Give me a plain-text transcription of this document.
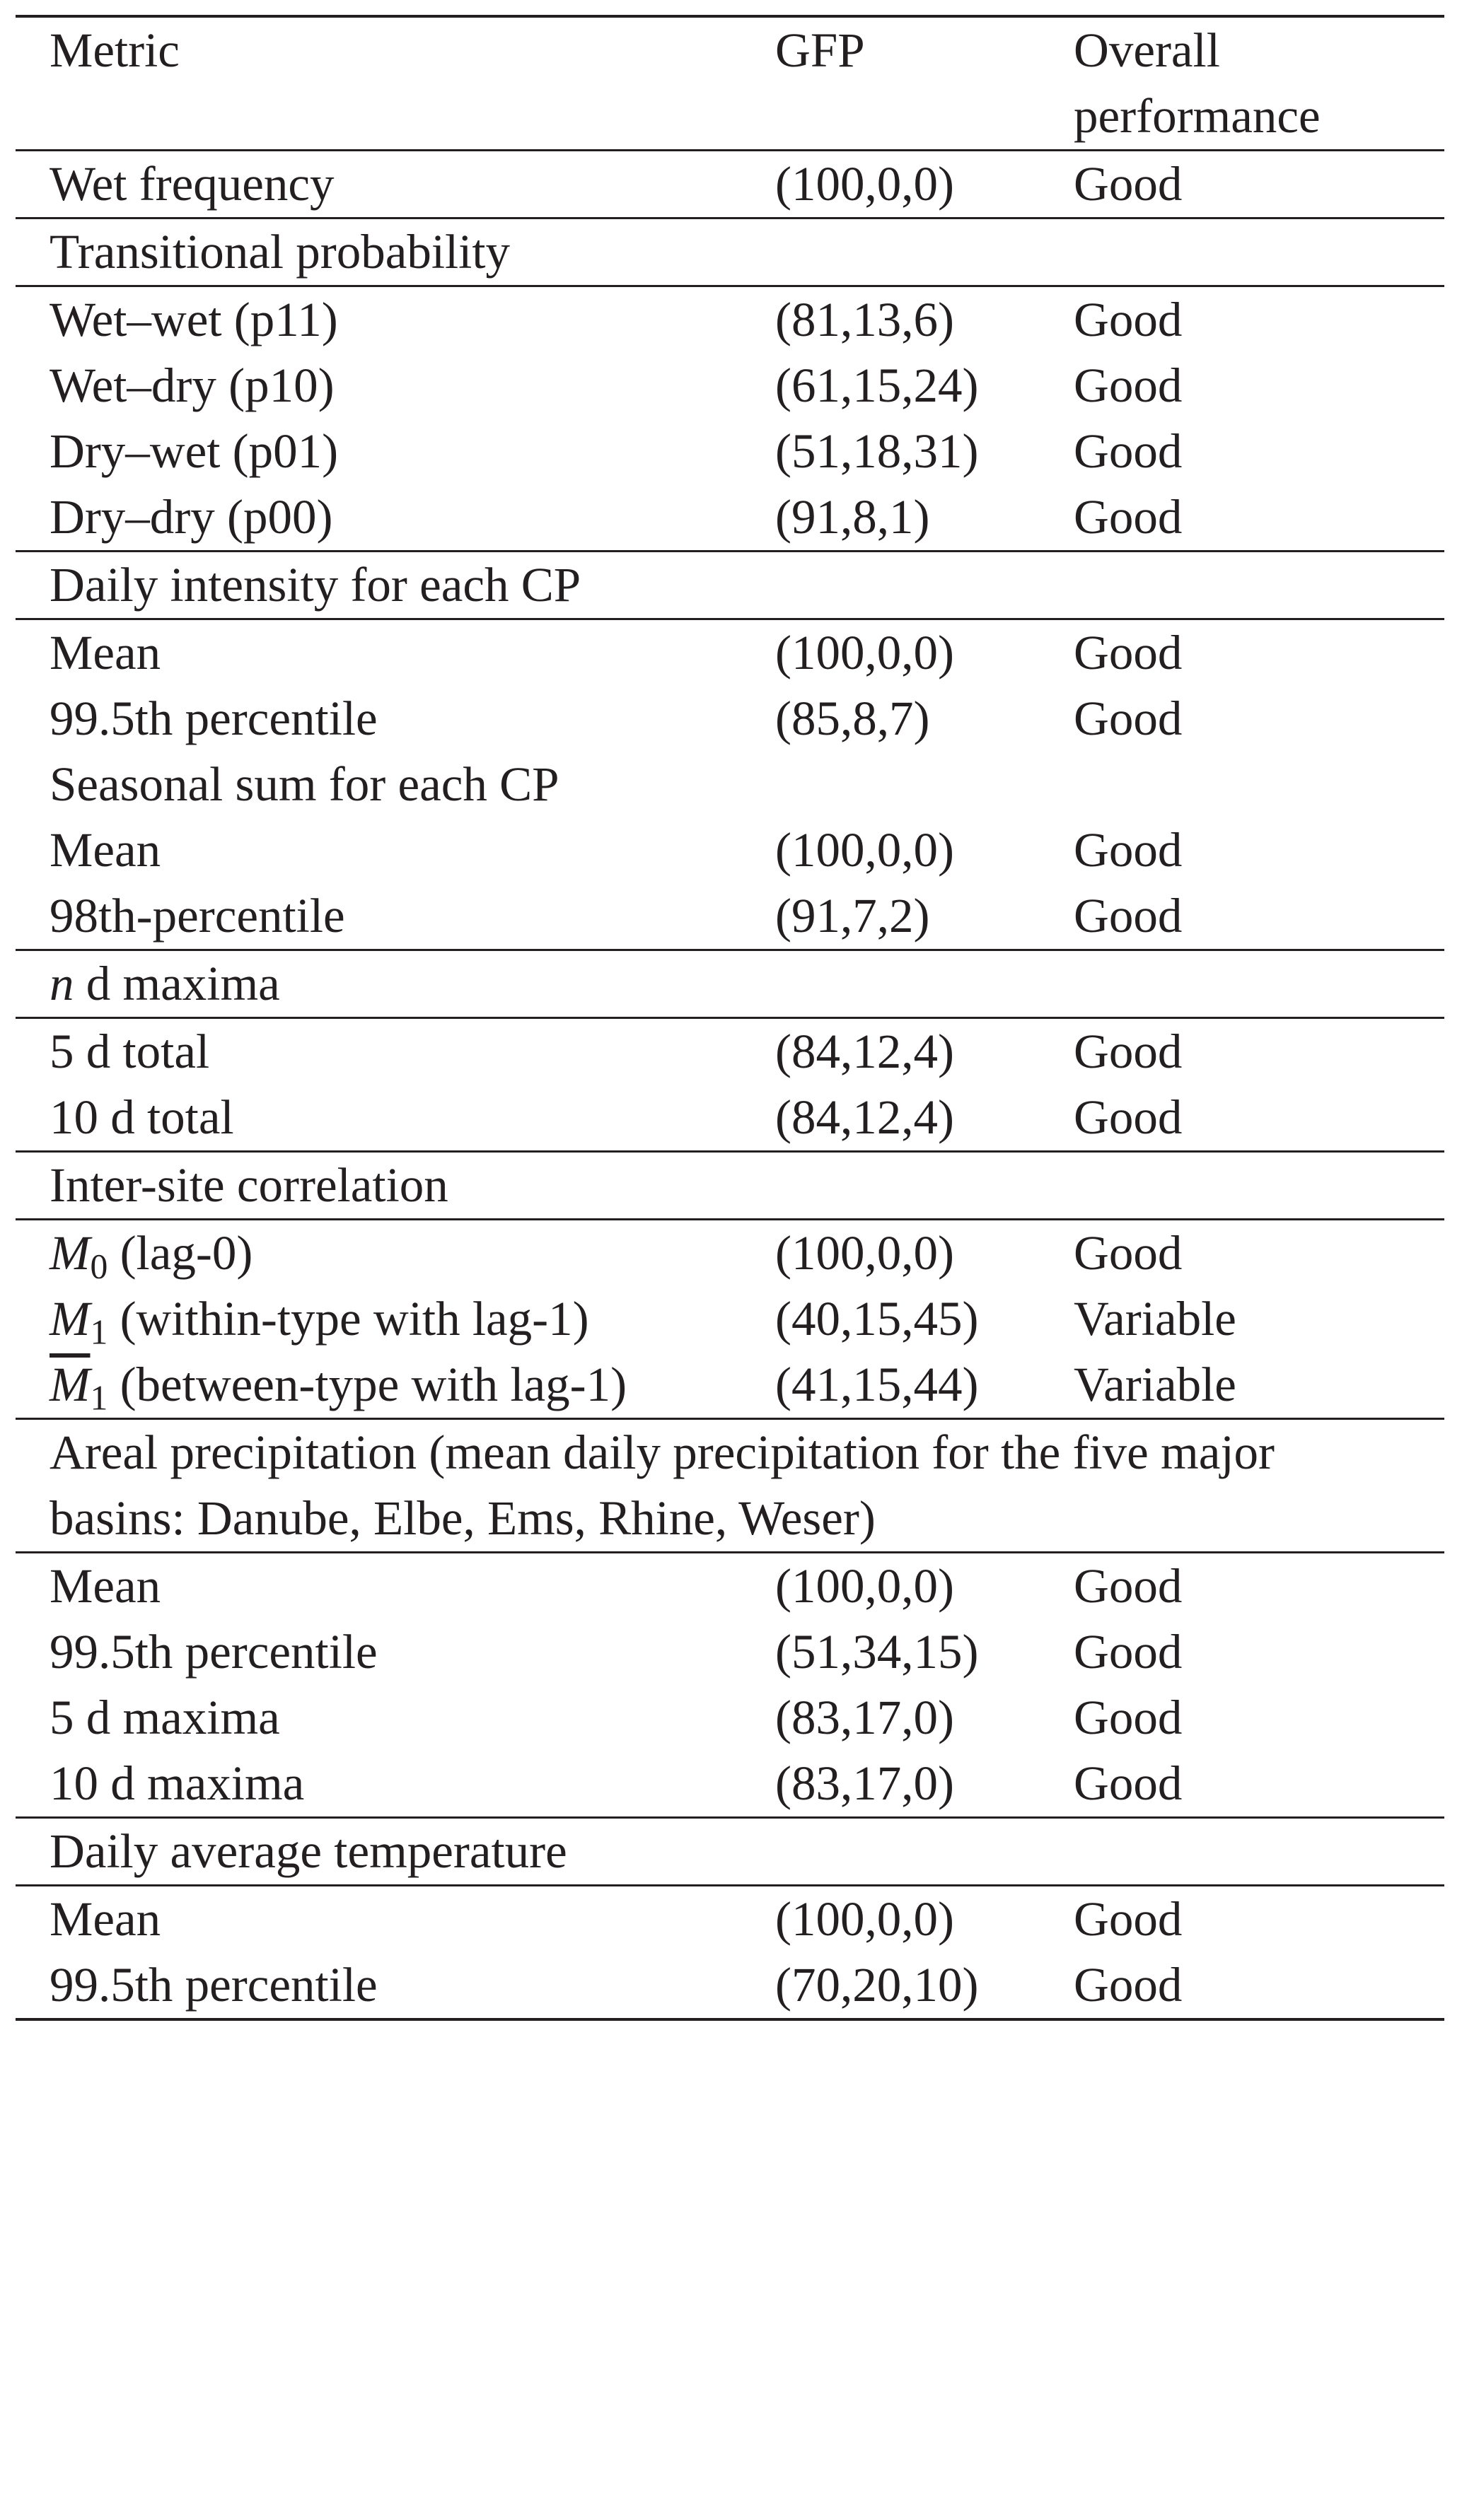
Metric	GFP	Overall
performance
Wet frequency	(100,0,0)	Good
Transitional probability		
Wet–wet (p11)	(81,13,6)	Good
Wet–dry (p10)	(61,15,24)	Good
Dry–wet (p01)	(51,18,31)	Good
Dry–dry (p00)	(91,8,1)	Good
Daily intensity for each CP		
Mean	(100,0,0)	Good
99.5th percentile	(85,8,7)	Good
Seasonal sum for each CP		
Mean	(100,0,0)	Good
98th-percentile	(91,7,2)	Good
n d maxima		
5 d total	(84,12,4)	Good
10 d total	(84,12,4)	Good
Inter-site correlation		
$M_0$ (lag-0)	(100,0,0)	Good
$M_1$ (within-type with lag-1)	(40,15,45)	Variable
$\overline{M}_1$ (between-type with lag-1)	(41,15,44)	Variable
Areal precipitation (mean daily precipitation for the five major basins: Danube, Elbe, Ems, Rhine, Weser)		
Mean	(100,0,0)	Good
99.5th percentile	(51,34,15)	Good
5 d maxima	(83,17,0)	Good
10 d maxima	(83,17,0)	Good
Daily average temperature		
Mean	(100,0,0)	Good
99.5th percentile	(70,20,10)	Good
